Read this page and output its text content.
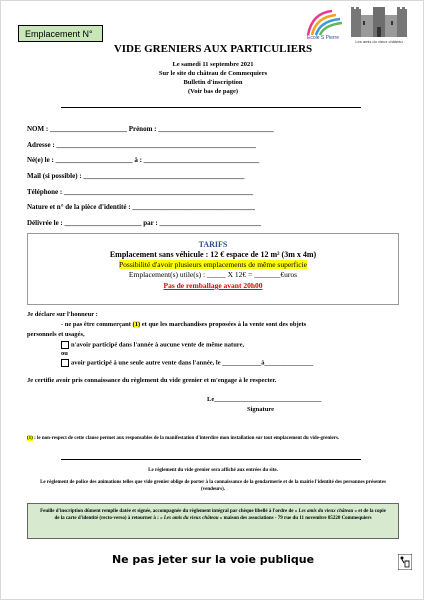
Emplacement N°	Ecole S Pierre
Les amis du vieux château
VIDE GRENIERS AUX PARTICULIERS
Le samedi 11 septembre 2021
Sur le site du château de Commequiers
Bulletin d'inscription
(Voir bas de page)
NOM : ______________________ Prénom : _________________________________
Adresse : _________________________________________________________
Né(e) le : ______________________ à : _________________________________
Mail (si possible) : ______________________________________________
Téléphone : ______________________________________________________
Nature et n° de la pièce d'identité : ___________________________________
Délivrée le : ______________________ par : _____________________________
TARIFS
Emplacement sans véhicule : 12 € espace de 12 m² (3m x 4m)
Possibilité d'avoir plusieurs emplacements de même superficie
Emplacement(s) utile(s) : _____ X 12€ = _______€uros
Pas de remballage avant 20h00
Je déclare sur l'honneur :
- ne pas être commerçant (1) et que les marchandises proposées à la vente sont des objets
personnels et usagés,
n'avoir participé dans l'année à aucune vente de même nature,
ou
avoir participé à une seule autre vente dans l'année, le ____________à_______________
Je certifie avoir pris connaissance du règlement du vide grenier et m'engage à le respecter.
Le_________________________________
Signature
(1) : le non-respect de cette clause permet aux responsables de la manifestation d'interdire mon installation sur tout emplacement du vide-greniers.
Le règlement du vide grenier sera affiché aux entrées du site.
Le règlement de police des animations telles que vide grenier oblige de porter à la connaissance de la gendarmerie et de la mairie l'identité des personnes présentes (vendeurs).
Feuille d'inscription dûment remplie datée et signée, accompagnée du règlement intégral par chèque libellé à l'ordre de « Les amis du vieux château » et de la copie de la carte d'identité (recto-verso) à retourner à : « Les amis du vieux château » maison des associations - 79 rue du 11 novembre 85220 Commequiers
Ne pas jeter sur la voie publique
